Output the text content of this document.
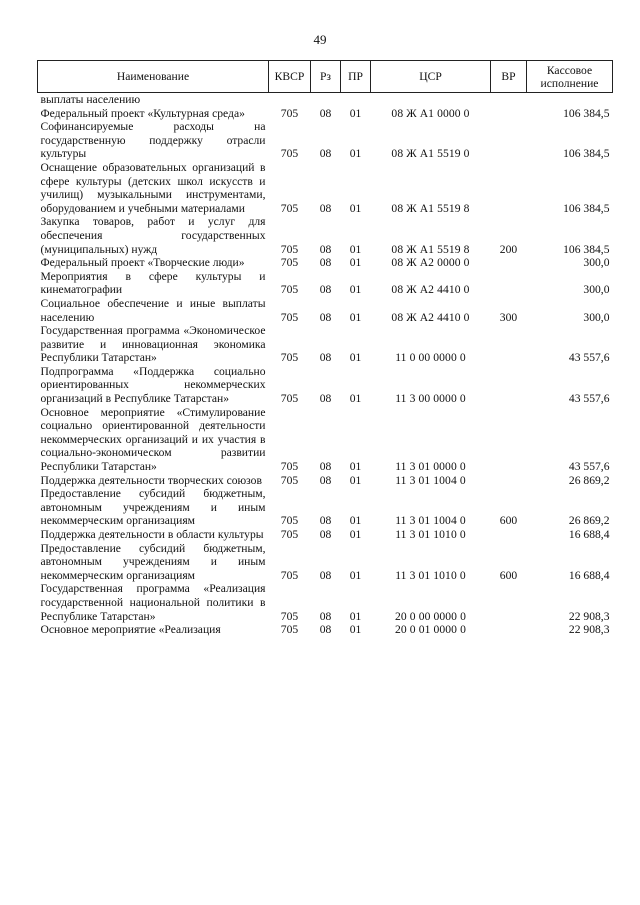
49
Наименование	КВСР	Рз	ПР	ЦСР	ВР	Кассовое исполнение
выплаты населению						
Федеральный проект «Культурная среда»	705	08	01	08 Ж А1 0000 0		106 384,5
Софинансируемые расходы на государственную поддержку отрасли культуры	705	08	01	08 Ж А1 5519 0		106 384,5
Оснащение образовательных организаций в сфере культуры (детских школ искусств и училищ) музыкальными инструментами, оборудованием и учебными материалами	705	08	01	08 Ж А1 5519 8		106 384,5
Закупка товаров, работ и услуг для обеспечения государственных (муниципальных) нужд	705	08	01	08 Ж А1 5519 8	200	106 384,5
Федеральный проект «Творческие люди»	705	08	01	08 Ж А2 0000 0		300,0
Мероприятия в сфере культуры и кинематографии	705	08	01	08 Ж А2 4410 0		300,0
Социальное обеспечение и иные выплаты населению	705	08	01	08 Ж А2 4410 0	300	300,0
Государственная программа «Экономическое развитие и инновационная экономика Республики Татарстан»	705	08	01	11 0 00 0000 0		43 557,6
Подпрограмма «Поддержка социально ориентированных некоммерческих организаций в Республике Татарстан»	705	08	01	11 3 00 0000 0		43 557,6
Основное мероприятие «Стимулирование социально ориентированной деятельности некоммерческих организаций и их участия в социально-экономическом развитии Республики Татарстан»	705	08	01	11 3 01 0000 0		43 557,6
Поддержка деятельности творческих союзов	705	08	01	11 3 01 1004 0		26 869,2
Предоставление субсидий бюджетным, автономным учреждениям и иным некоммерческим организациям	705	08	01	11 3 01 1004 0	600	26 869,2
Поддержка деятельности в области культуры	705	08	01	11 3 01 1010 0		16 688,4
Предоставление субсидий бюджетным, автономным учреждениям и иным некоммерческим организациям	705	08	01	11 3 01 1010 0	600	16 688,4
Государственная программа «Реализация государственной национальной политики в Республике Татарстан»	705	08	01	20 0 00 0000 0		22 908,3
Основное мероприятие «Реализация	705	08	01	20 0 01 0000 0		22 908,3
